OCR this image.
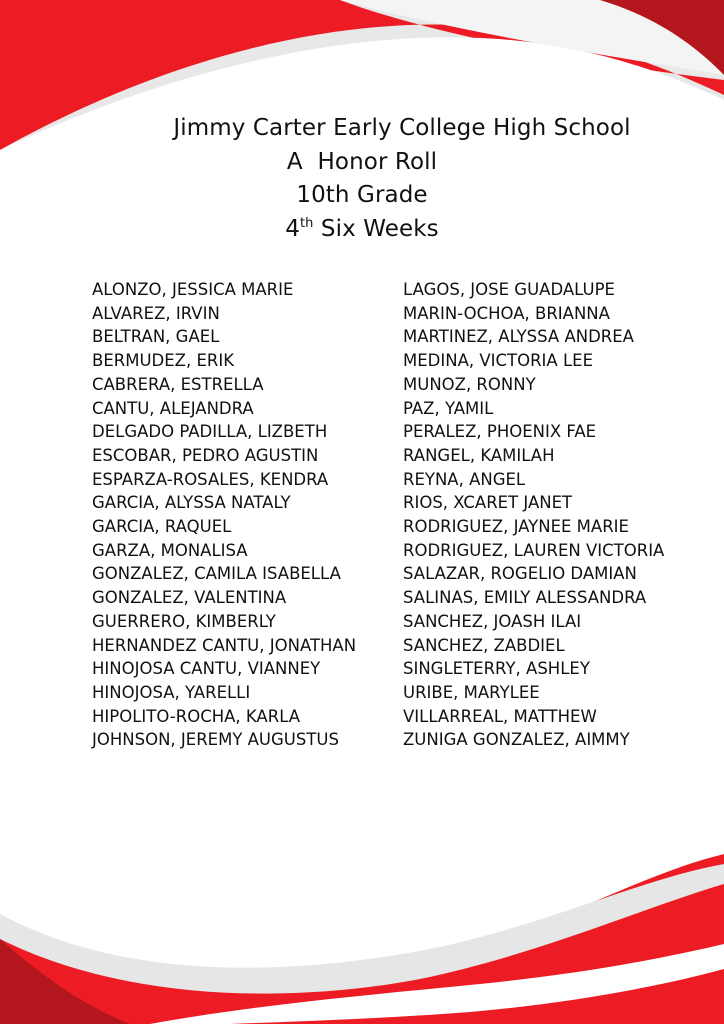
Jimmy Carter Early College High School
A  Honor Roll
10th Grade
4th Six Weeks
ALONZO, JESSICA MARIE
ALVAREZ, IRVIN
BELTRAN, GAEL
BERMUDEZ, ERIK
CABRERA, ESTRELLA
CANTU, ALEJANDRA
DELGADO PADILLA, LIZBETH
ESCOBAR, PEDRO AGUSTIN
ESPARZA-ROSALES, KENDRA
GARCIA, ALYSSA NATALY
GARCIA, RAQUEL
GARZA, MONALISA
GONZALEZ, CAMILA ISABELLA
GONZALEZ, VALENTINA
GUERRERO, KIMBERLY
HERNANDEZ CANTU, JONATHAN
HINOJOSA CANTU, VIANNEY
HINOJOSA, YARELLI
HIPOLITO-ROCHA, KARLA
JOHNSON, JEREMY AUGUSTUS
LAGOS, JOSE GUADALUPE
MARIN-OCHOA, BRIANNA
MARTINEZ, ALYSSA ANDREA
MEDINA, VICTORIA LEE
MUNOZ, RONNY
PAZ, YAMIL
PERALEZ, PHOENIX FAE
RANGEL, KAMILAH
REYNA, ANGEL
RIOS, XCARET JANET
RODRIGUEZ, JAYNEE MARIE
RODRIGUEZ, LAUREN VICTORIA
SALAZAR, ROGELIO DAMIAN
SALINAS, EMILY ALESSANDRA
SANCHEZ, JOASH ILAI
SANCHEZ, ZABDIEL
SINGLETERRY, ASHLEY
URIBE, MARYLEE
VILLARREAL, MATTHEW
ZUNIGA GONZALEZ, AIMMY
